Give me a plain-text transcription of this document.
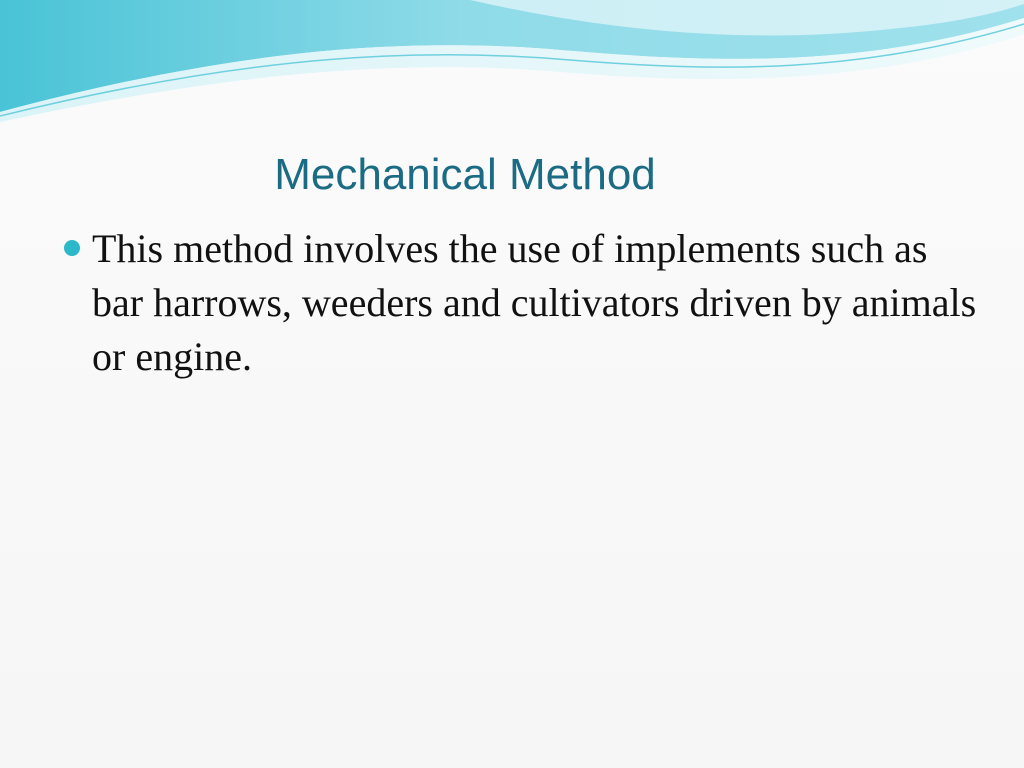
Mechanical Method
This method involves the use of implements such as bar harrows, weeders and cultivators driven by animals or engine.
